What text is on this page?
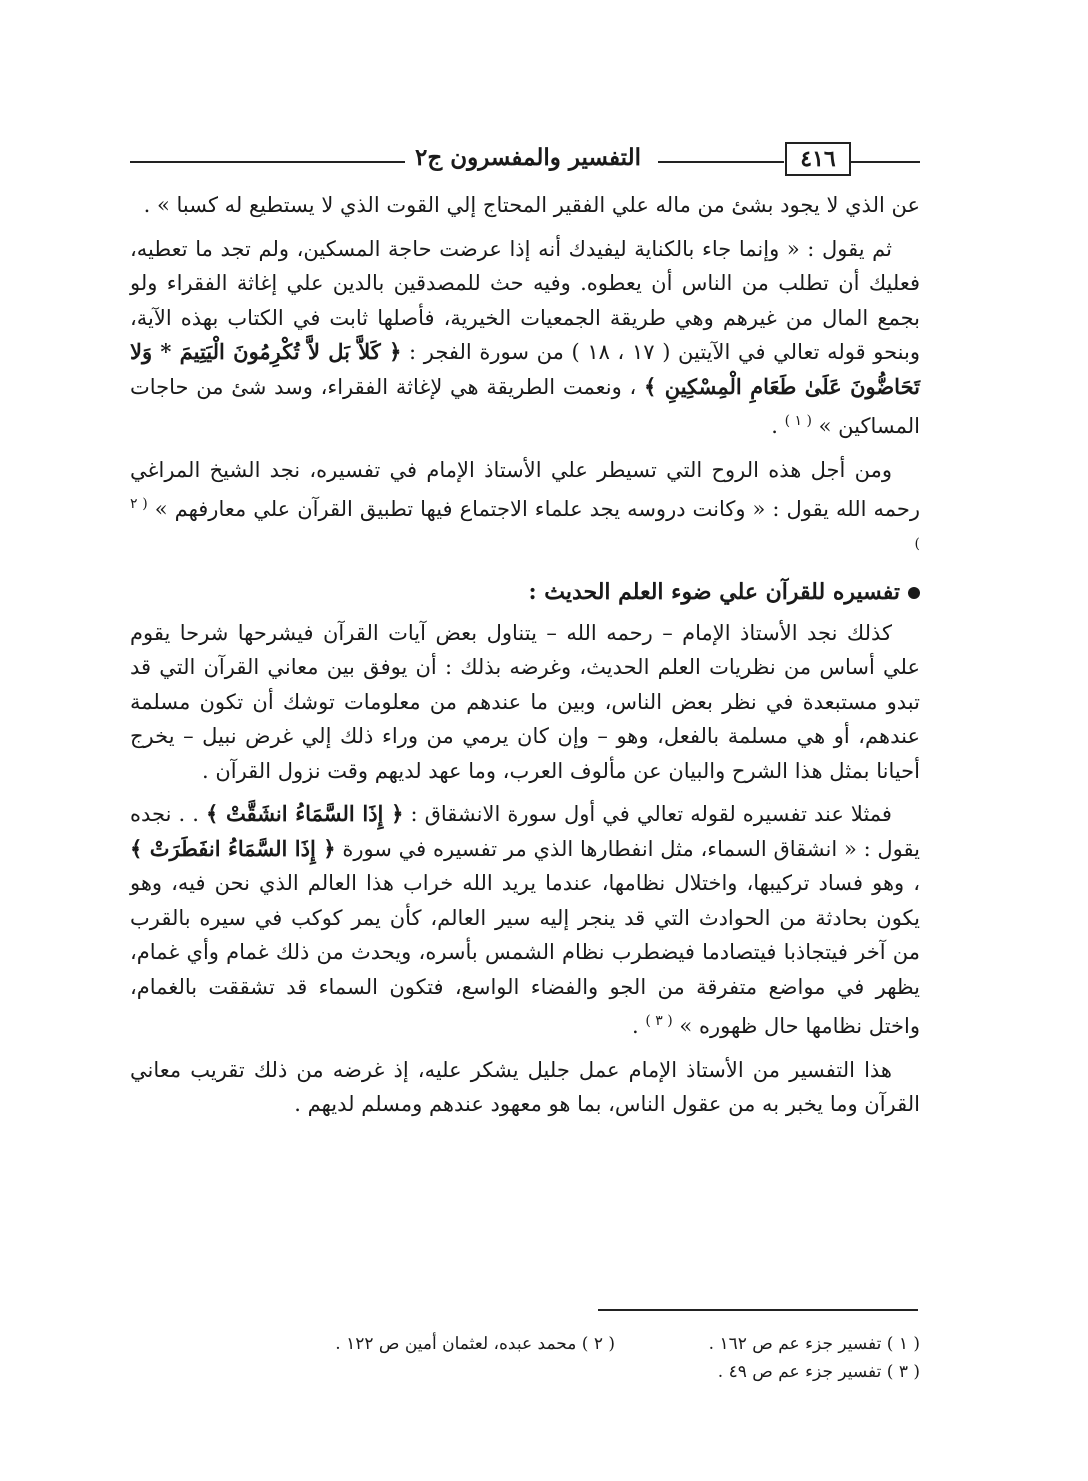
التفسير والمفسرون ج٢	٤١٦

عن الذي لا يجود بشئ من ماله علي الفقير المحتاج إلي القوت الذي لا يستطيع له كسبا » .

ثم يقول : « وإنما جاء بالكناية ليفيدك أنه إذا عرضت حاجة المسكين، ولم تجد ما تعطيه، فعليك أن تطلب من الناس أن يعطوه. وفيه حث للمصدقين بالدين علي إغاثة الفقراء ولو بجمع المال من غيرهم وهي طريقة الجمعيات الخيرية، فأصلها ثابت في الكتاب بهذه الآية، وبنحو قوله تعالي في الآيتين ( ١٧ ، ١٨ ) من سورة الفجر : ﴿ كَلاَّ بَل لاَّ تُكْرِمُونَ الْيَتِيمَ * وَلا تَحَاضُّونَ عَلَىٰ طَعَامِ الْمِسْكِينِ ﴾ ، ونعمت الطريقة هي لإغاثة الفقراء، وسد شئ من حاجات المساكين » $^{( ١ )}$ .

ومن أجل هذه الروح التي تسيطر علي الأستاذ الإمام في تفسيره، نجد الشيخ المراغي رحمه الله يقول : « وكانت دروسه يجد علماء الاجتماع فيها تطبيق القرآن علي معارفهم » $^{( ٢ )}$

تفسيره للقرآن علي ضوء العلم الحديث :

كذلك نجد الأستاذ الإمام – رحمه الله – يتناول بعض آيات القرآن فيشرحها شرحا يقوم علي أساس من نظريات العلم الحديث، وغرضه بذلك : أن يوفق بين معاني القرآن التي قد تبدو مستبعدة في نظر بعض الناس، وبين ما عندهم من معلومات توشك أن تكون مسلمة عندهم، أو هي مسلمة بالفعل، وهو – وإن كان يرمي من وراء ذلك إلي غرض نبيل – يخرج أحيانا بمثل هذا الشرح والبيان عن مألوف العرب، وما عهد لديهم وقت نزول القرآن .

فمثلا عند تفسيره لقوله تعالي في أول سورة الانشقاق : ﴿ إِذَا السَّمَاءُ انشَقَّتْ ﴾ . . نجده يقول : « انشقاق السماء، مثل انفطارها الذي مر تفسيره في سورة ﴿ إِذَا السَّمَاءُ انفَطَرَتْ ﴾ ، وهو فساد تركيبها، واختلال نظامها، عندما يريد الله خراب هذا العالم الذي نحن فيه، وهو يكون بحادثة من الحوادث التي قد ينجر إليه سير العالم، كأن يمر كوكب في سيره بالقرب من آخر فيتجاذبا فيتصادما فيضطرب نظام الشمس بأسره، ويحدث من ذلك غمام وأي غمام، يظهر في مواضع متفرقة من الجو والفضاء الواسع، فتكون السماء قد تشققت بالغمام، واختل نظامها حال ظهوره » $^{( ٣ )}$ .

هذا التفسير من الأستاذ الإمام عمل جليل يشكر عليه، إذ غرضه من ذلك تقريب معاني القرآن وما يخبر به من عقول الناس، بما هو معهود عندهم ومسلم لديهم .

( ١ ) تفسير جزء عم ص ١٦٢ .
( ٢ ) محمد عبده، لعثمان أمين ص ١٢٢ .
( ٣ ) تفسير جزء عم ص ٤٩ .
